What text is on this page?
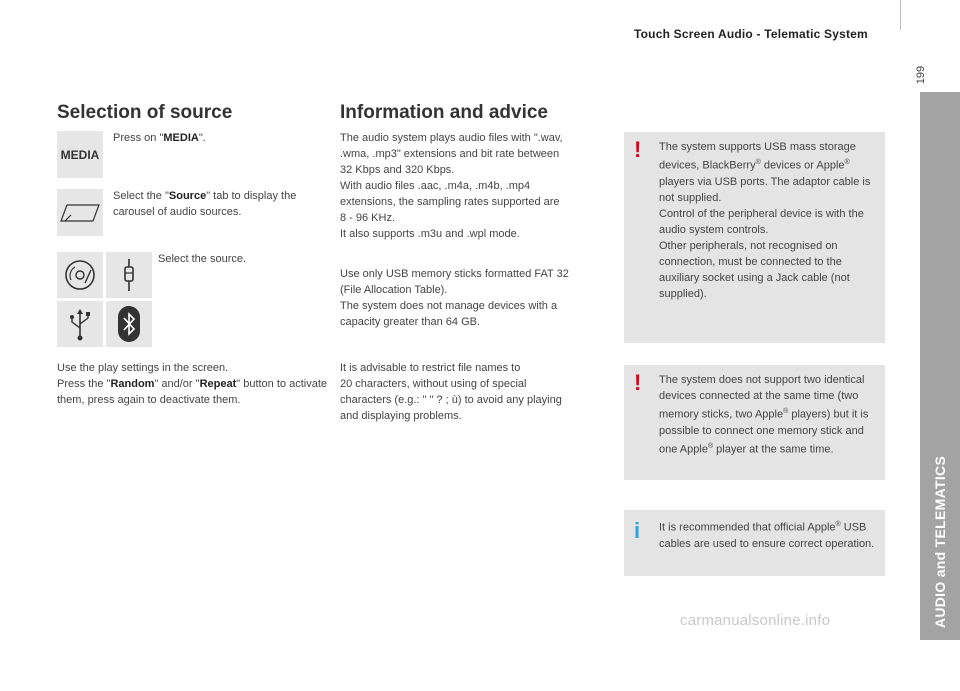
Touch Screen Audio - Telematic System
199
AUDIO and TELEMATICS
10
Selection of source
MEDIA
Press on "MEDIA".
Select the "Source" tab to display the carousel of audio sources.
Select the source.
Use the play settings in the screen.
Press the "Random" and/or "Repeat" button to activate them, press again to deactivate them.
Information and advice
The audio system plays audio files with ".wav,
.wma, .mp3" extensions and bit rate between
32 Kbps and 320 Kbps.
With audio files .aac, .m4a, .m4b, .mp4
extensions, the sampling rates supported are
8 - 96 KHz.
It also supports .m3u and .wpl mode.
Use only USB memory sticks formatted FAT 32
(File Allocation Table).
The system does not manage devices with a
capacity greater than 64 GB.
It is advisable to restrict file names to
20 characters, without using of special
characters (e.g.: " " ? ; ù) to avoid any playing
and displaying problems.
! The system supports USB mass storage devices, BlackBerry® devices or Apple® players via USB ports. The adaptor cable is not supplied.
Control of the peripheral device is with the audio system controls.
Other peripherals, not recognised on connection, must be connected to the auxiliary socket using a Jack cable (not supplied).
! The system does not support two identical devices connected at the same time (two memory sticks, two Apple® players) but it is possible to connect one memory stick and one Apple® player at the same time.
i It is recommended that official Apple® USB cables are used to ensure correct operation.
carmanualsonline.info
